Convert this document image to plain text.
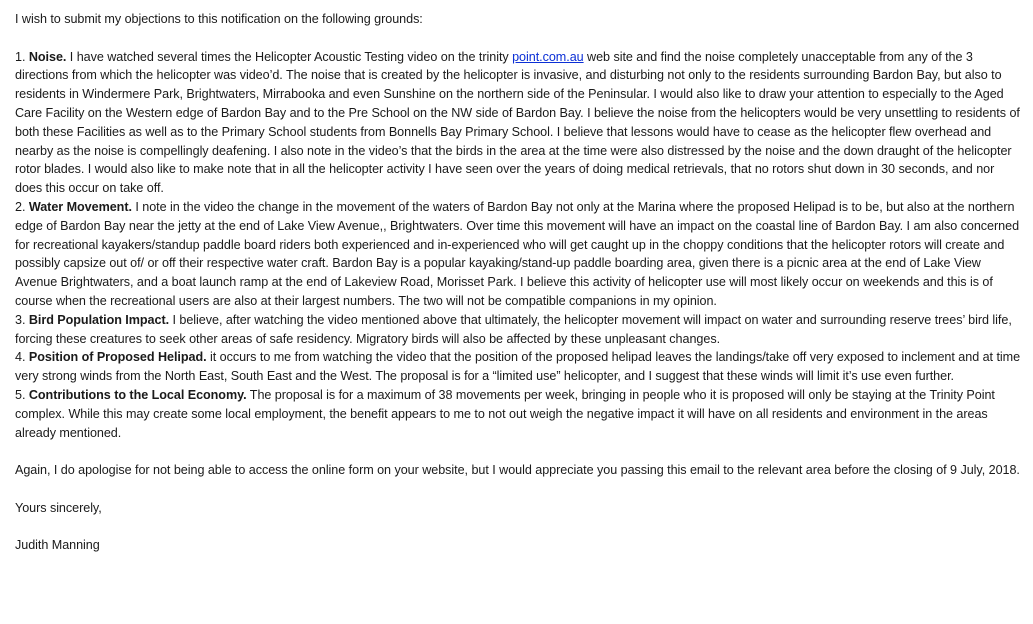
I wish to submit my objections to this notification on the following grounds:

1. Noise. I have watched several times the Helicopter Acoustic Testing video on the trinity point.com.au web site and find the noise completely unacceptable from any of the 3 directions from which the helicopter was video’d. The noise that is created by the helicopter is invasive, and disturbing not only to the residents surrounding Bardon Bay, but also to residents in Windermere Park, Brightwaters, Mirrabooka and even Sunshine on the northern side of the Peninsular. I would also like to draw your attention to especially to the Aged Care Facility on the Western edge of Bardon Bay and to the Pre School on the NW side of Bardon Bay. I believe the noise from the helicopters would be very unsettling to residents of both these Facilities as well as to the Primary School students from Bonnells Bay Primary School. I believe that lessons would have to cease as the helicopter flew overhead and nearby as the noise is compellingly deafening. I also note in the video’s that the birds in the area at the time were also distressed by the noise and the down draught of the helicopter rotor blades. I would also like to make note that in all the helicopter activity I have seen over the years of doing medical retrievals, that no rotors shut down in 30 seconds, and nor does this occur on take off.

2. Water Movement. I note in the video the change in the movement of the waters of Bardon Bay not only at the Marina where the proposed Helipad is to be, but also at the northern edge of Bardon Bay near the jetty at the end of Lake View Avenue,, Brightwaters. Over time this movement will have an impact on the coastal line of Bardon Bay. I am also concerned for recreational kayakers/standup paddle board riders both experienced and in-experienced who will get caught up in the choppy conditions that the helicopter rotors will create and possibly capsize out of/ or off their respective water craft. Bardon Bay is a popular kayaking/stand-up paddle boarding area, given there is a picnic area at the end of Lake View Avenue Brightwaters, and a boat launch ramp at the end of Lakeview Road, Morisset Park. I believe this activity of helicopter use will most likely occur on weekends and this is of course when the recreational users are also at their largest numbers. The two will not be compatible companions in my opinion.

3. Bird Population Impact. I believe, after watching the video mentioned above that ultimately, the helicopter movement will impact on water and surrounding reserve trees’ bird life, forcing these creatures to seek other areas of safe residency. Migratory birds will also be affected by these unpleasant changes.

4. Position of Proposed Helipad. it occurs to me from watching the video that the position of the proposed helipad leaves the landings/take off very exposed to inclement and at time very strong winds from the North East, South East and the West. The proposal is for a “limited use” helicopter, and I suggest that these winds will limit it’s use even further.

5. Contributions to the Local Economy. The proposal is for a maximum of 38 movements per week, bringing in people who it is proposed will only be staying at the Trinity Point complex. While this may create some local employment, the benefit appears to me to not out weigh the negative impact it will have on all residents and environment in the areas already mentioned.

Again, I do apologise for not being able to access the online form on your website, but I would appreciate you passing this email to the relevant area before the closing of 9 July, 2018.

Yours sincerely,

Judith Manning
